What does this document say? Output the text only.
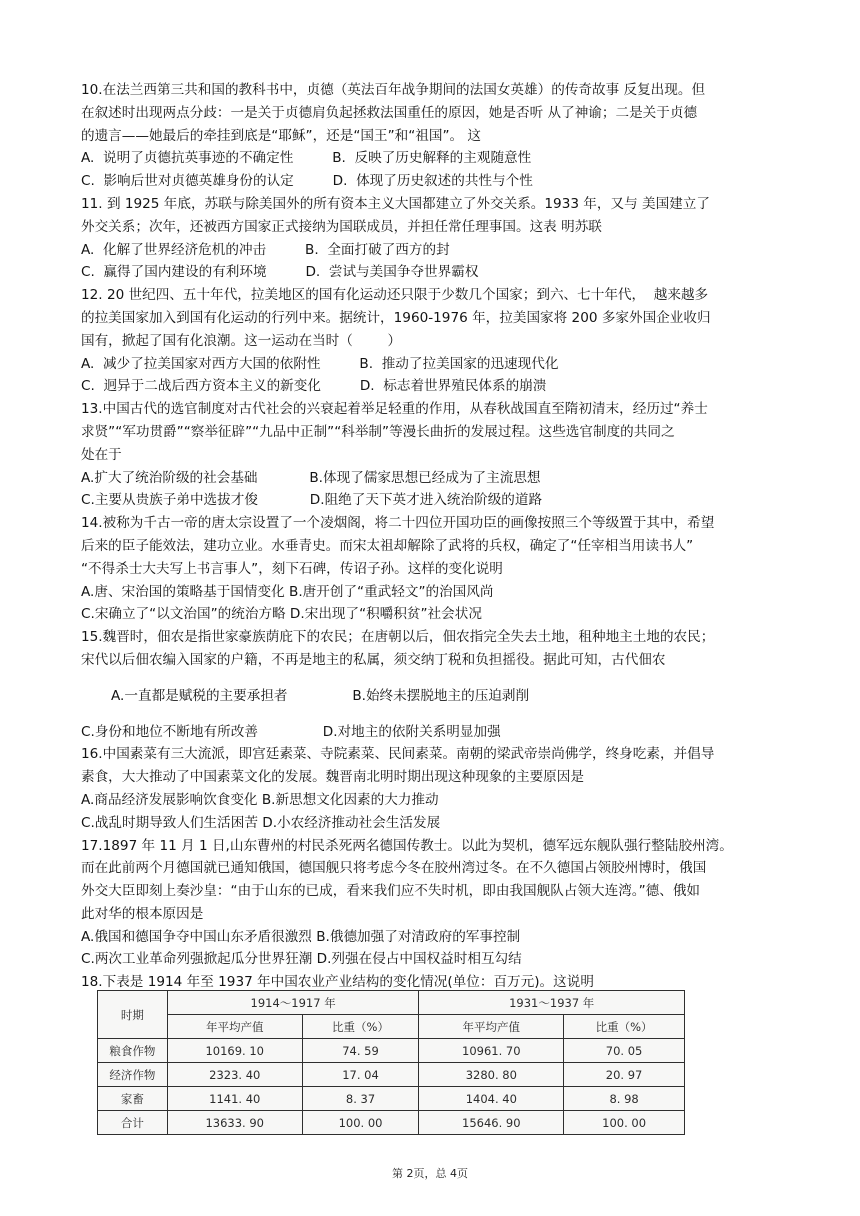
10.在法兰西第三共和国的教科书中，贞德（英法百年战争期间的法国女英雄）的传奇故事 反复出现。但
在叙述时出现两点分歧：一是关于贞德肩负起拯救法国重任的原因，她是否听 从了神谕；二是关于贞德
的遗言——她最后的牵挂到底是“耶稣”，还是“国王”和“祖国”。 这
A.  说明了贞德抗英事迹的不确定性         B.  反映了历史解释的主观随意性
C.  影响后世对贞德英雄身份的认定         D.  体现了历史叙述的共性与个性
11. 到 1925 年底，苏联与除美国外的所有资本主义大国都建立了外交关系。1933 年，又与 美国建立了
外交关系；次年，还被西方国家正式接纳为国联成员，并担任常任理事国。这表 明苏联
A.  化解了世界经济危机的冲击         B.  全面打破了西方的封
C.  赢得了国内建设的有利环境         D.  尝试与美国争夺世界霸权
12. 20 世纪四、五十年代，拉美地区的国有化运动还只限于少数几个国家；到六、七十年代，  越来越多
的拉美国家加入到国有化运动的行列中来。据统计，1960-1976 年，拉美国家将 200 多家外国企业收归
国有，掀起了国有化浪潮。这一运动在当时（        ）
A.  减少了拉美国家对西方大国的依附性         B.  推动了拉美国家的迅速现代化
C.  迥异于二战后西方资本主义的新变化         D.  标志着世界殖民体系的崩溃
13.中国古代的选官制度对古代社会的兴衰起着举足轻重的作用，从春秋战国直至隋初清末，经历过“养士
求贤”“军功贯爵”“察举征辟”“九品中正制”“科举制”等漫长曲折的发展过程。这些选官制度的共同之
处在于
A.扩大了统治阶级的社会基础            B.体现了儒家思想已经成为了主流思想
C.主要从贵族子弟中选拔才俊            D.阻绝了天下英才进入统治阶级的道路
14.被称为千古一帝的唐太宗设置了一个凌烟阁，将二十四位开国功臣的画像按照三个等级置于其中，希望
后来的臣子能效法，建功立业。水垂青史。而宋太祖却解除了武将的兵权，确定了“任宰相当用读书人”
“不得杀士大夫写上书言事人”，刻下石碑，传诏子孙。这样的变化说明
A.唐、宋治国的策略基于国情变化 B.唐开创了“重武轻文”的治国风尚
C.宋确立了“以文治国”的统治方略 D.宋出现了“积嚼积贫”社会状况
15.魏晋时，佃农是指世家豪族荫庇下的农民；在唐朝以后，佃农指完全失去土地，租种地主土地的农民；
宋代以后佃农编入国家的户籍，不再是地主的私属，须交纳丁税和负担摇役。据此可知，古代佃农
A.一直都是赋税的主要承担者               B.始终未摆脱地主的压迫剥削
C.身份和地位不断地有所改善               D.对地主的依附关系明显加强
16.中国素菜有三大流派，即宫廷素菜、寺院素菜、民间素菜。南朝的梁武帝崇尚佛学，终身吃素，并倡导
素食，大大推动了中国素菜文化的发展。魏晋南北明时期出现这种现象的主要原因是
A.商品经济发展影响饮食变化 B.新思想文化因素的大力推动
C.战乱时期导致人们生活困苦 D.小农经济推动社会生活发展
17.1897 年 11 月 1 日,山东曹州的村民杀死两名德国传教士。以此为契机，德军远东舰队强行整陆胶州湾。
而在此前两个月德国就已通知俄国，德国舰只将考虑今冬在胶州湾过冬。在不久德国占领胶州博时，俄国
外交大臣即刻上奏沙皇：“由于山东的已成，看来我们应不失时机，即由我国舰队占领大连湾。”德、俄如
此对华的根本原因是
A.俄国和德国争夺中国山东矛盾很激烈 B.俄德加强了对清政府的军事控制
C.两次工业革命列强掀起瓜分世界狂潮 D.列强在侵占中国权益时相互勾结
18.下表是 1914 年至 1937 年中国农业产业结构的变化情况(单位：百万元)。这说明
时期	1914～1917 年		1931～1937 年	
	年平均产值	比重（%）	年平均产值	比重（%）
粮食作物	10169. 10	74. 59	10961. 70	70. 05
经济作物	2323. 40	17. 04	3280. 80	20. 97
家畜	1141. 40	8. 37	1404. 40	8. 98
合计	13633. 90	100. 00	15646. 90	100. 00
第 2页，总 4页
